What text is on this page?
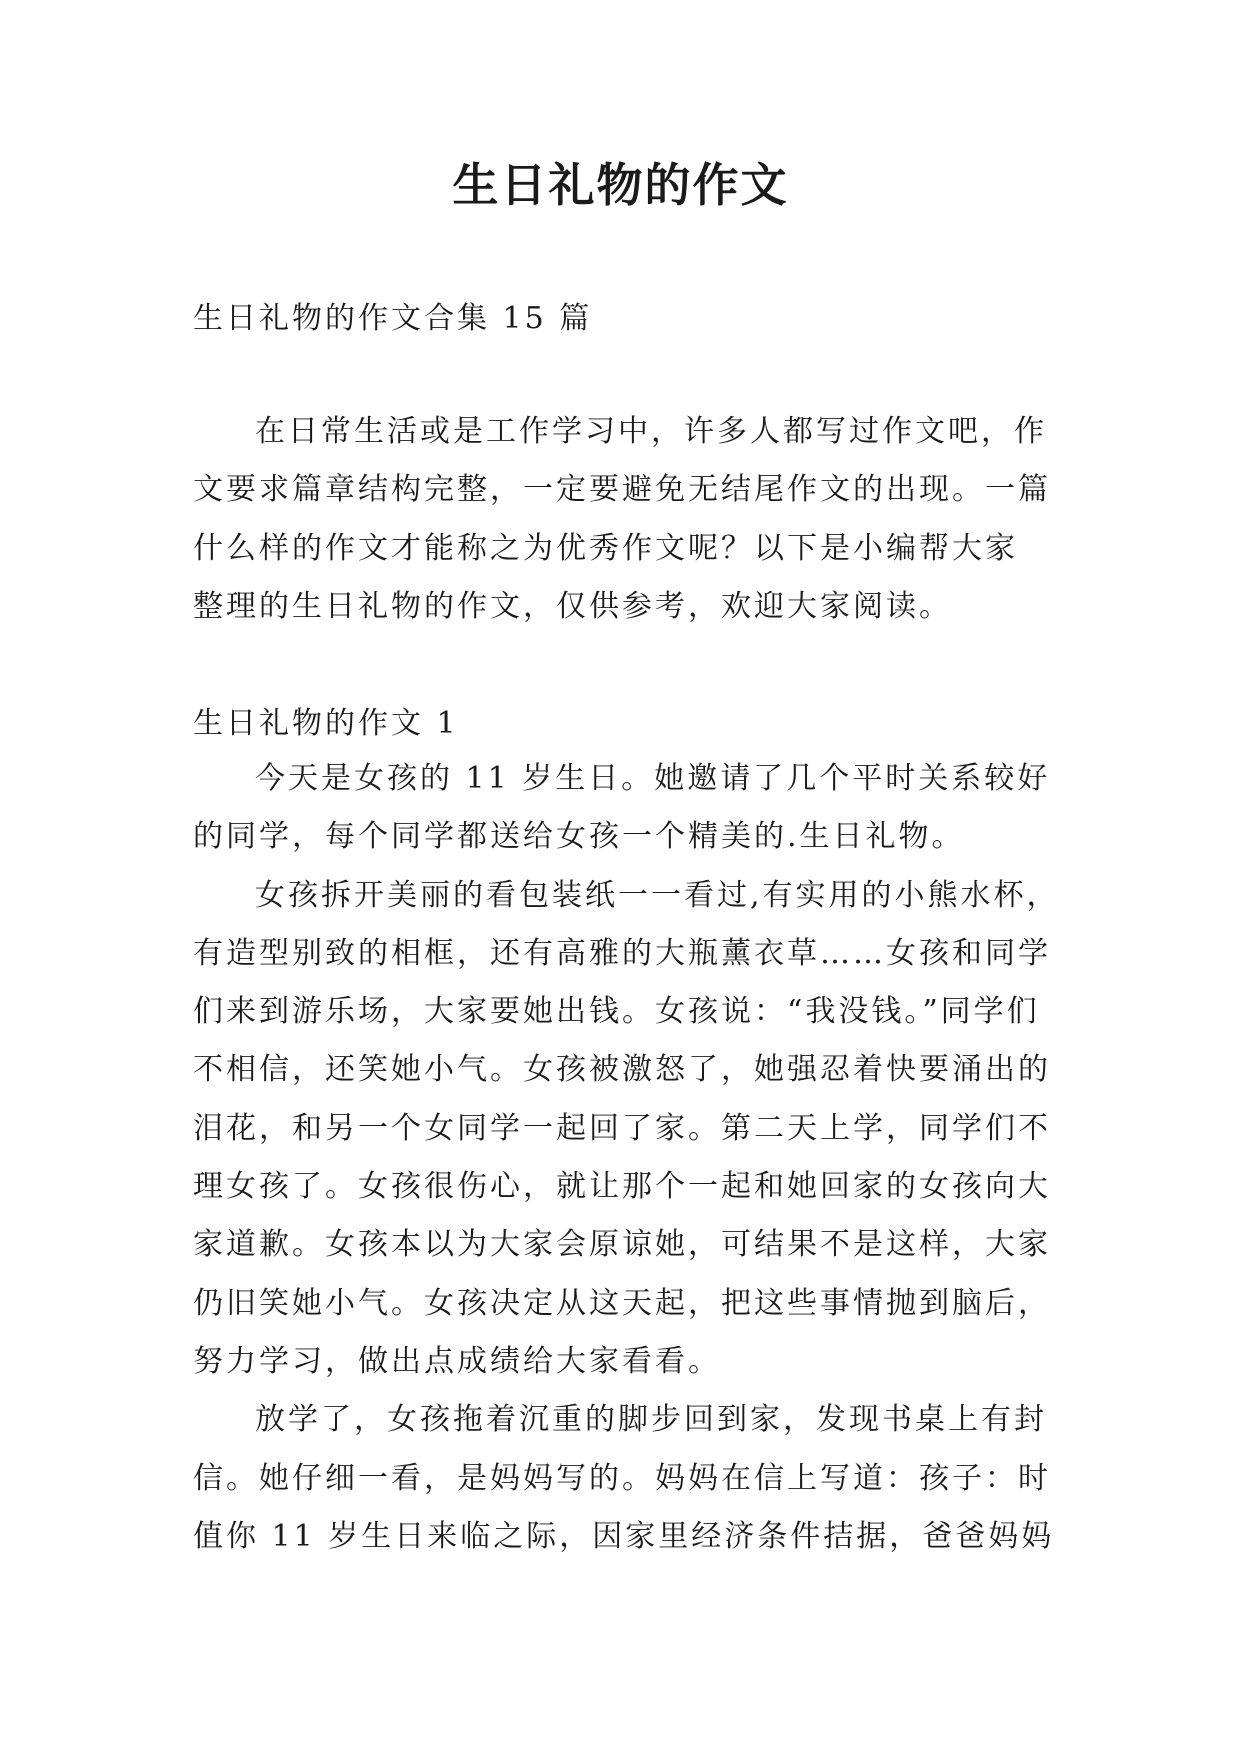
生日礼物的作文
生日礼物的作文合集 15 篇
在日常生活或是工作学习中，许多人都写过作文吧，作
文要求篇章结构完整，一定要避免无结尾作文的出现。一篇
什么样的作文才能称之为优秀作文呢？以下是小编帮大家
整理的生日礼物的作文，仅供参考，欢迎大家阅读。
生日礼物的作文 1
今天是女孩的 11 岁生日。她邀请了几个平时关系较好
的同学，每个同学都送给女孩一个精美的.生日礼物。
女孩拆开美丽的看包装纸一一看过,有实用的小熊水杯，
有造型别致的相框，还有高雅的大瓶薰衣草……女孩和同学
们来到游乐场，大家要她出钱。女孩说：“我没钱。”同学们
不相信，还笑她小气。女孩被激怒了，她强忍着快要涌出的
泪花，和另一个女同学一起回了家。第二天上学，同学们不
理女孩了。女孩很伤心，就让那个一起和她回家的女孩向大
家道歉。女孩本以为大家会原谅她，可结果不是这样，大家
仍旧笑她小气。女孩决定从这天起，把这些事情抛到脑后，
努力学习，做出点成绩给大家看看。
放学了，女孩拖着沉重的脚步回到家，发现书桌上有封
信。她仔细一看，是妈妈写的。妈妈在信上写道：孩子：时
值你 11 岁生日来临之际，因家里经济条件拮据，爸爸妈妈
